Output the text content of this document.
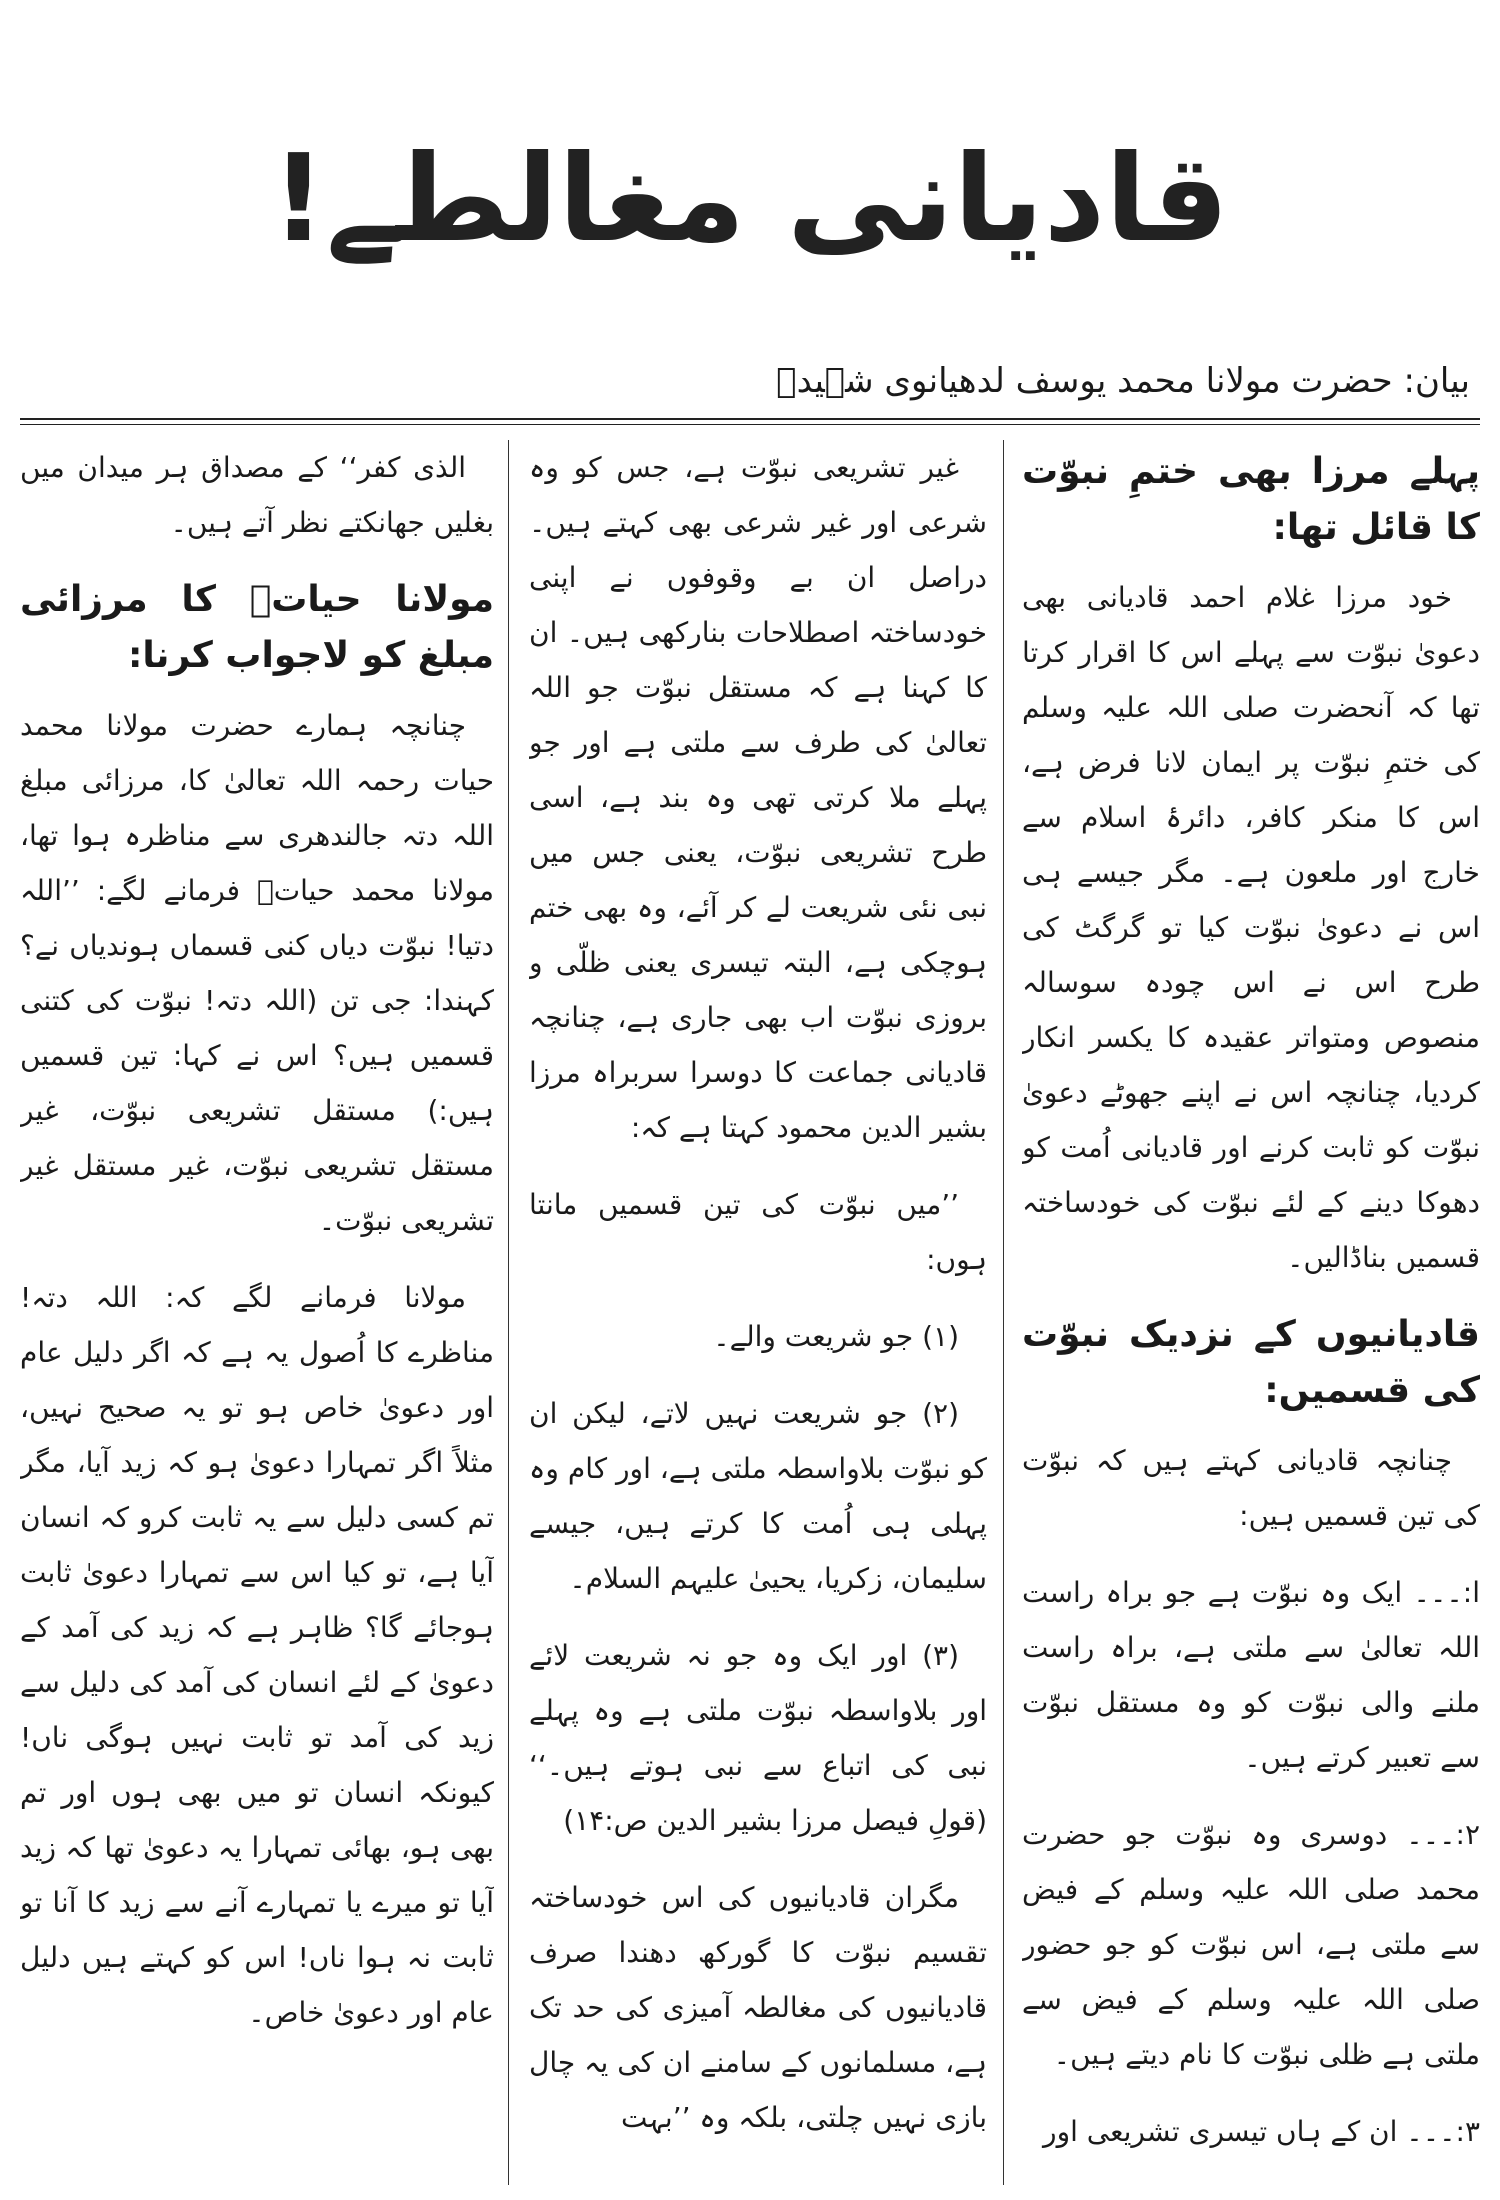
قادیانی مغالطے!
بیان: حضرت مولانا محمد یوسف لدھیانوی شہیدؒ
پہلے مرزا بھی ختمِ نبوّت کا قائل تھا:

خود مرزا غلام احمد قادیانی بھی دعویٰ نبوّت سے پہلے اس کا اقرار کرتا تھا کہ آنحضرت صلی اللہ علیہ وسلم کی ختمِ نبوّت پر ایمان لانا فرض ہے، اس کا منکر کافر، دائرۂ اسلام سے خارج اور ملعون ہے۔ مگر جیسے ہی اس نے دعویٰ نبوّت کیا تو گرگٹ کی طرح اس نے اس چودہ سوسالہ منصوص ومتواتر عقیدہ کا یکسر انکار کردیا، چنانچہ اس نے اپنے جھوٹے دعویٰ نبوّت کو ثابت کرنے اور قادیانی اُمت کو دھوکا دینے کے لئے نبوّت کی خودساختہ قسمیں بناڈالیں۔

قادیانیوں کے نزدیک نبوّت کی قسمیں:

چنانچہ قادیانی کہتے ہیں کہ نبوّت کی تین قسمیں ہیں:

ا:۔۔۔ ایک وہ نبوّت ہے جو براہ راست اللہ تعالیٰ سے ملتی ہے، براہ راست ملنے والی نبوّت کو وہ مستقل نبوّت سے تعبیر کرتے ہیں۔

۲:۔۔۔ دوسری وہ نبوّت جو حضرت محمد صلی اللہ علیہ وسلم کے فیض سے ملتی ہے، اس نبوّت کو جو حضور صلی اللہ علیہ وسلم کے فیض سے ملتی ہے ظلی نبوّت کا نام دیتے ہیں۔

۳:۔۔۔ ان کے ہاں تیسری تشریعی اور

غیر تشریعی نبوّت ہے، جس کو وہ شرعی اور غیر شرعی بھی کہتے ہیں۔ دراصل ان بے وقوفوں نے اپنی خودساختہ اصطلاحات بنارکھی ہیں۔ ان کا کہنا ہے کہ مستقل نبوّت جو اللہ تعالیٰ کی طرف سے ملتی ہے اور جو پہلے ملا کرتی تھی وہ بند ہے، اسی طرح تشریعی نبوّت، یعنی جس میں نبی نئی شریعت لے کر آئے، وہ بھی ختم ہوچکی ہے، البتہ تیسری یعنی ظلّی و بروزی نبوّت اب بھی جاری ہے، چنانچہ قادیانی جماعت کا دوسرا سربراہ مرزا بشیر الدین محمود کہتا ہے کہ:

’’میں نبوّت کی تین قسمیں مانتا ہوں:

(۱) جو شریعت والے۔

(۲) جو شریعت نہیں لاتے، لیکن ان کو نبوّت بلاواسطہ ملتی ہے، اور کام وہ پہلی ہی اُمت کا کرتے ہیں، جیسے سلیمان، زکریا، یحییٰ علیہم السلام۔

(۳) اور ایک وہ جو نہ شریعت لائے اور بلاواسطہ نبوّت ملتی ہے وہ پہلے نبی کی اتباع سے نبی ہوتے ہیں۔‘‘ (قولِ فیصل مرزا بشیر الدین ص:۱۴)

مگران قادیانیوں کی اس خودساختہ تقسیم نبوّت کا گورکھ دھندا صرف قادیانیوں کی مغالطہ آمیزی کی حد تک ہے، مسلمانوں کے سامنے ان کی یہ چال بازی نہیں چلتی، بلکہ وہ ’’بہت

الذی کفر‘‘ کے مصداق ہر میدان میں بغلیں جھانکتے نظر آتے ہیں۔

مولانا حیاتؒ کا مرزائی مبلغ کو لاجواب کرنا:

چنانچہ ہمارے حضرت مولانا محمد حیات رحمہ اللہ تعالیٰ کا، مرزائی مبلغ اللہ دتہ جالندھری سے مناظرہ ہوا تھا، مولانا محمد حیاتؒ فرمانے لگے: ’’اللہ دتیا! نبوّت دیاں کنی قسماں ہوندیاں نے؟ کہندا: جی تن (اللہ دتہ! نبوّت کی کتنی قسمیں ہیں؟ اس نے کہا: تین قسمیں ہیں:) مستقل تشریعی نبوّت، غیر مستقل تشریعی نبوّت، غیر مستقل غیر تشریعی نبوّت۔

مولانا فرمانے لگے کہ: اللہ دتہ! مناظرے کا اُصول یہ ہے کہ اگر دلیل عام اور دعویٰ خاص ہو تو یہ صحیح نہیں، مثلاً اگر تمہارا دعویٰ ہو کہ زید آیا، مگر تم کسی دلیل سے یہ ثابت کرو کہ انسان آیا ہے، تو کیا اس سے تمہارا دعویٰ ثابت ہوجائے گا؟ ظاہر ہے کہ زید کی آمد کے دعویٰ کے لئے انسان کی آمد کی دلیل سے زید کی آمد تو ثابت نہیں ہوگی ناں! کیونکہ انسان تو میں بھی ہوں اور تم بھی ہو، بھائی تمہارا یہ دعویٰ تھا کہ زید آیا تو میرے یا تمہارے آنے سے زید کا آنا تو ثابت نہ ہوا ناں! اس کو کہتے ہیں دلیل عام اور دعویٰ خاص۔
